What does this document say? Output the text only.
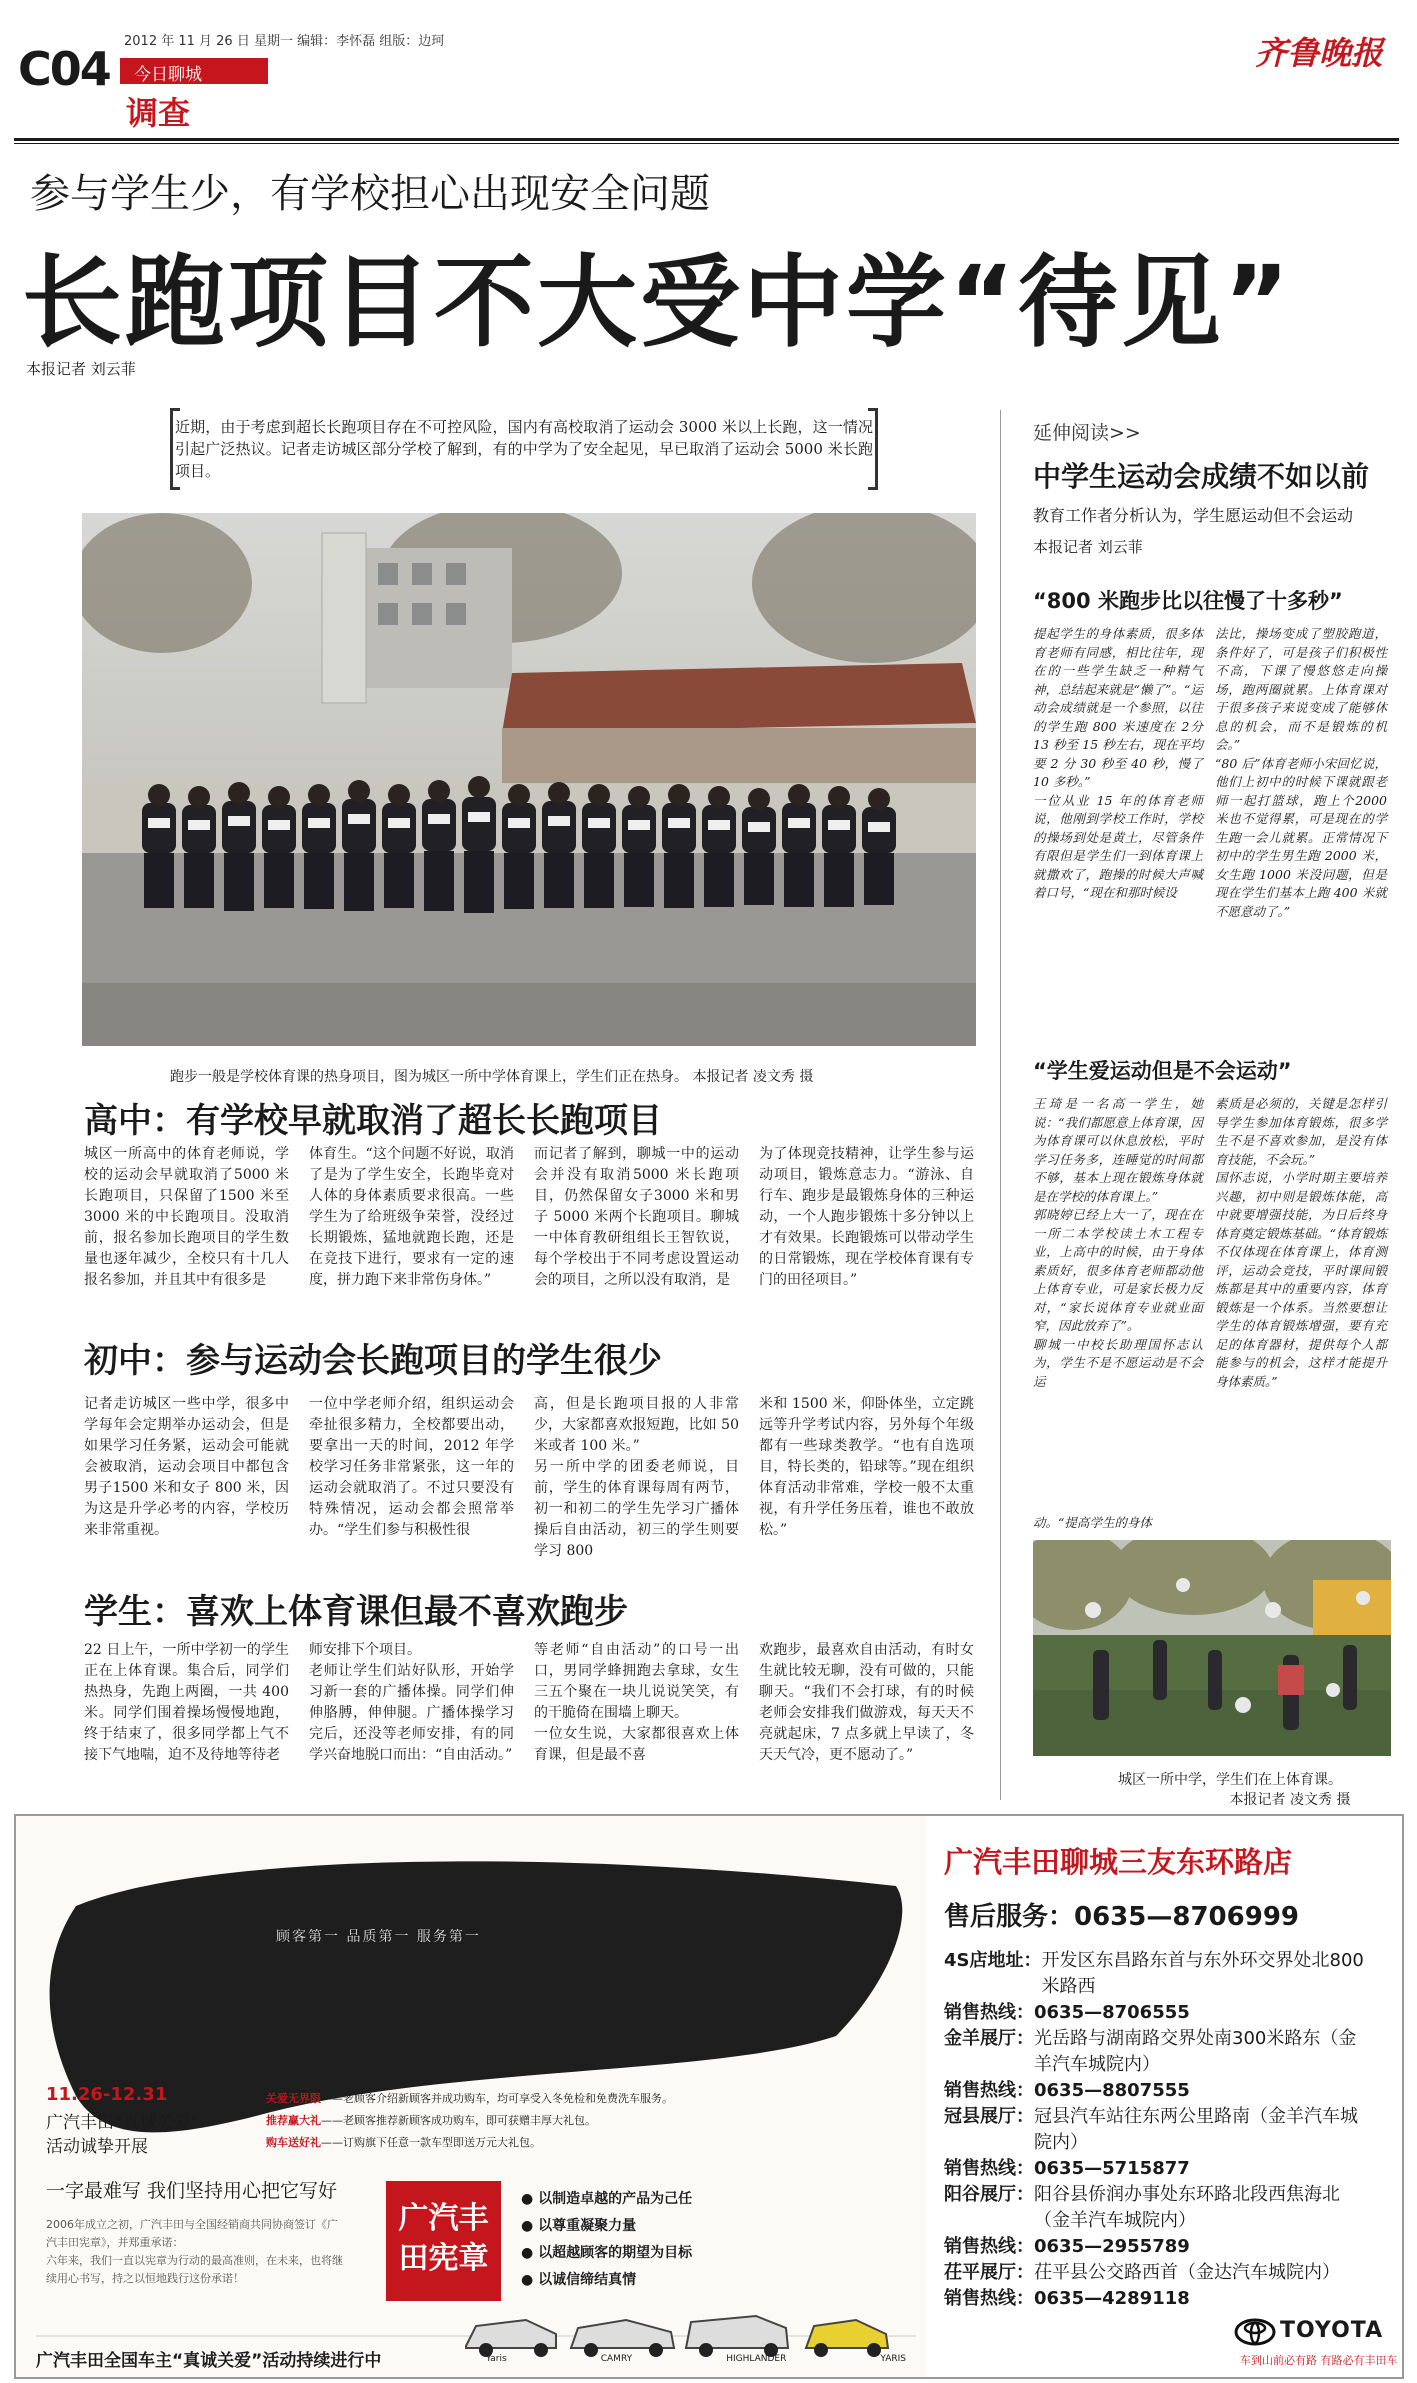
C04
2012 年 11 月 26 日 星期一 编辑：李怀磊 组版：边珂
今日聊城
调查
齐鲁晚报
参与学生少，有学校担心出现安全问题
长跑项目不大受中学“待见”
本报记者 刘云菲
近期，由于考虑到超长长跑项目存在不可控风险，国内有高校取消了运动会 3000 米以上长跑，这一情况引起广泛热议。记者走访城区部分学校了解到，有的中学为了安全起见，早已取消了运动会 5000 米长跑项目。
跑步一般是学校体育课的热身项目，图为城区一所中学体育课上，学生们正在热身。 本报记者 凌文秀 摄
高中：有学校早就取消了超长长跑项目
城区一所高中的体育老师说，学校的运动会早就取消了5000 米长跑项目，只保留了1500 米至 3000 米的中长跑项目。没取消前，报名参加长跑项目的学生数量也逐年减少，全校只有十几人报名参加，并且其中有很多是
体育生。“这个问题不好说，取消了是为了学生安全，长跑毕竟对人体的身体素质要求很高。一些学生为了给班级争荣誉，没经过长期锻炼，猛地就跑长跑，还是在竞技下进行，要求有一定的速度，拼力跑下来非常伤身体。”
而记者了解到，聊城一中的运动会并没有取消5000 米长跑项目，仍然保留女子3000 米和男子 5000 米两个长跑项目。聊城一中体育教研组组长王智钦说，每个学校出于不同考虑设置运动会的项目，之所以没有取消，是
为了体现竞技精神，让学生参与运动项目，锻炼意志力。“游泳、自行车、跑步是最锻炼身体的三种运动，一个人跑步锻炼十多分钟以上才有效果。长跑锻炼可以带动学生的日常锻炼，现在学校体育课有专门的田径项目。”
初中：参与运动会长跑项目的学生很少
记者走访城区一些中学，很多中学每年会定期举办运动会，但是如果学习任务紧，运动会可能就会被取消，运动会项目中都包含男子1500 米和女子 800 米，因为这是升学必考的内容，学校历来非常重视。
一位中学老师介绍，组织运动会牵扯很多精力，全校都要出动，要拿出一天的时间，2012 年学校学习任务非常紧张，这一年的运动会就取消了。不过只要没有特殊情况，运动会都会照常举办。“学生们参与积极性很
高，但是长跑项目报的人非常少，大家都喜欢报短跑，比如 50 米或者 100 米。”
另一所中学的团委老师说，目前，学生的体育课每周有两节，初一和初二的学生先学习广播体操后自由活动，初三的学生则要学习 800
米和 1500 米，仰卧体坐，立定跳远等升学考试内容，另外每个年级都有一些球类教学。“也有自选项目，特长类的，铅球等。”现在组织体育活动非常难，学校一般不太重视，有升学任务压着，谁也不敢放松。”
学生：喜欢上体育课但最不喜欢跑步
22 日上午，一所中学初一的学生正在上体育课。集合后，同学们热热身，先跑上两圈，一共 400 米。同学们围着操场慢慢地跑，终于结束了，很多同学都上气不接下气地喘，迫不及待地等待老
师安排下个项目。
老师让学生们站好队形，开始学习新一套的广播体操。同学们伸伸胳膊，伸伸腿。广播体操学习完后，还没等老师安排，有的同学兴奋地脱口而出：“自由活动。”
等老师“自由活动”的口号一出口，男同学蜂拥跑去拿球，女生三五个聚在一块儿说说笑笑，有的干脆倚在围墙上聊天。
一位女生说，大家都很喜欢上体育课，但是最不喜
欢跑步，最喜欢自由活动，有时女生就比较无聊，没有可做的，只能聊天。“我们不会打球，有的时候老师会安排我们做游戏，每天天不亮就起床，7 点多就上早读了，冬天天气冷，更不愿动了。”
延伸阅读>>
中学生运动会成绩不如以前
教育工作者分析认为，学生愿运动但不会运动
本报记者 刘云菲
“800 米跑步比以往慢了十多秒”
提起学生的身体素质，很多体育老师有同感，相比往年，现在的一些学生缺乏一种精气神，总结起来就是“懒了”。“运动会成绩就是一个参照，以往的学生跑 800 米速度在 2分 13 秒至 15 秒左右，现在平均要 2 分 30 秒至 40 秒，慢了 10 多秒。”
一位从业 15 年的体育老师说，他刚到学校工作时，学校的操场到处是黄土，尽管条件有限但是学生们一到体育课上就撒欢了，跑操的时候大声喊着口号，“现在和那时候设
法比，操场变成了塑胶跑道，条件好了，可是孩子们积极性不高，下课了慢悠悠走向操场，跑两圈就累。上体育课对于很多孩子来说变成了能够休息的机会，而不是锻炼的机会。”
“80 后”体育老师小宋回忆说，他们上初中的时候下课就跟老师一起打篮球，跑上个2000 米也不觉得累，可是现在的学生跑一会儿就累。正常情况下初中的学生男生跑 2000 米，女生跑 1000 米没问题，但是现在学生们基本上跑 400 米就不愿意动了。”
“学生爱运动但是不会运动”
王琦是一名高一学生，她说：“我们都愿意上体育课，因为体育课可以休息放松，平时学习任务多，连睡觉的时间都不够，基本上现在锻炼身体就是在学校的体育课上。”
郭晓婷已经上大一了，现在在一所二本学校读土木工程专业，上高中的时候，由于身体素质好，很多体育老师都动他上体育专业，可是家长极力反对，“家长说体育专业就业面窄，因此放弃了”。
聊城一中校长助理国怀志认为，学生不是不愿运动是不会运
素质是必须的，关键是怎样引导学生参加体育锻炼，很多学生不是不喜欢参加，是没有体育技能，不会玩。”
国怀志说，小学时期主要培养兴趣，初中则是锻炼体能，高中就要增强技能，为日后终身体育奠定锻炼基础。“体育锻炼不仅体现在体育课上，体育测评，运动会竞技，平时课间锻炼都是其中的重要内容，体育锻炼是一个体系。当然要想让学生的体育锻炼增强，要有充足的体育器材，提供每个人都能参与的机会，这样才能提升身体素质。”
动。“提高学生的身体
城区一所中学，学生们在上体育课。
本报记者 凌文秀 摄
顾客第一 品质第一 服务第一
11.26-12.31
广汽丰田“真诚关爱”
活动诚挚开展
关爱无界限——老顾客介绍新顾客并成功购车，均可享受入冬免检和免费洗车服务。
推荐赢大礼——老顾客推荐新顾客成功购车，即可获赠丰厚大礼包。
购车送好礼——订购旗下任意一款车型即送万元大礼包。
一字最难写 我们坚持用心把它写好
2006年成立之初，广汽丰田与全国经销商共同协商签订《广汽丰田宪章》，并郑重承诺：
六年来，我们一直以宪章为行动的最高准则，在未来，也将继续用心书写，持之以恒地践行这份承诺！
广汽丰田宪章
● 以制造卓越的产品为己任
● 以尊重凝聚力量
● 以超越顾客的期望为目标
● 以诚信缔结真情
广汽丰田全国车主“真诚关爱”活动持续进行中	Yaris	CAMRY	HIGHLANDER	YARIS
广汽丰田聊城三友东环路店
售后服务：0635—8706999
4S店地址： 开发区东昌路东首与东外环交界处北800米路西
销售热线： 0635—8706555
金羊展厅： 光岳路与湖南路交界处南300米路东（金羊汽车城院内）
销售热线： 0635—8807555
冠县展厅： 冠县汽车站往东两公里路南（金羊汽车城院内）
销售热线： 0635—5715877
阳谷展厅： 阳谷县侨润办事处东环路北段西焦海北（金羊汽车城院内）
销售热线： 0635—2955789
茌平展厅： 茌平县公交路西首（金达汽车城院内）
销售热线： 0635—4289118
TOYOTA
车到山前必有路 有路必有丰田车
